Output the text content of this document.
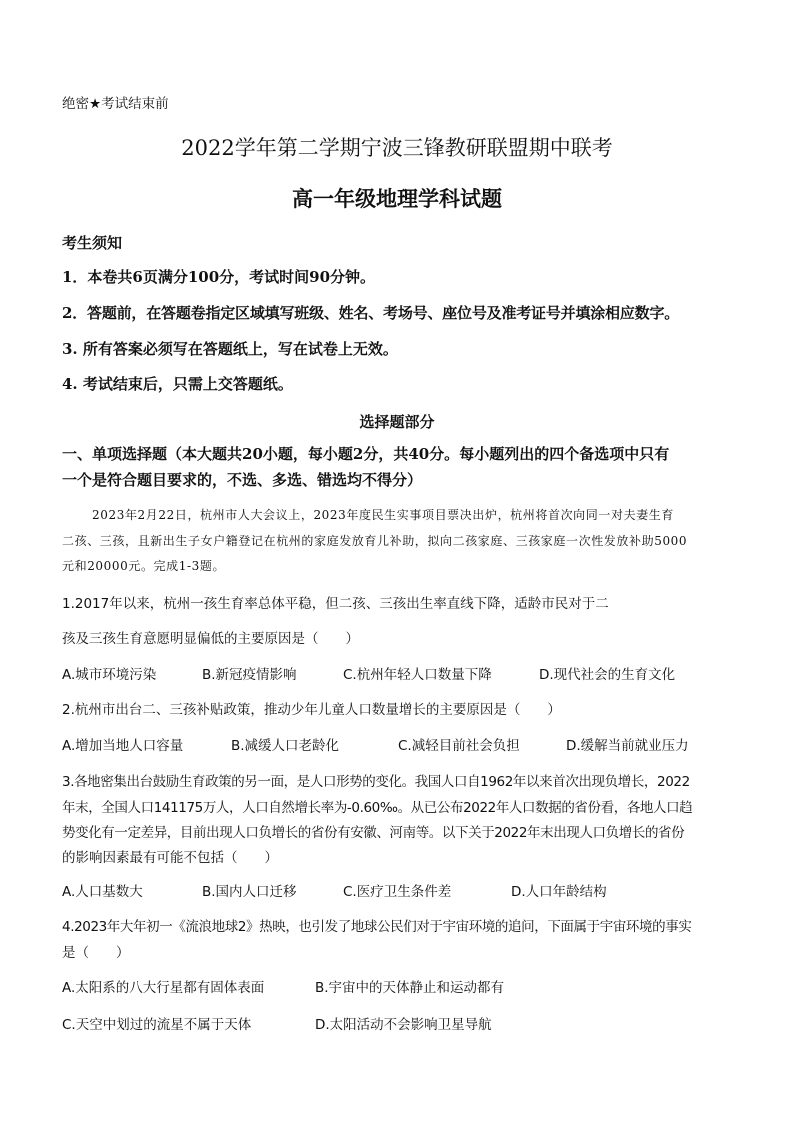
绝密★考试结束前
2022学年第二学期宁波三锋教研联盟期中联考
高一年级地理学科试题
考生须知
1．本卷共6页满分100分，考试时间90分钟。
2．答题前，在答题卷指定区域填写班级、姓名、考场号、座位号及准考证号并填涂相应数字。
3. 所有答案必须写在答题纸上，写在试卷上无效。
4. 考试结束后，只需上交答题纸。
选择题部分
一、单项选择题（本大题共20小题，每小题2分，共40分。每小题列出的四个备选项中只有
一个是符合题目要求的，不选、多选、错选均不得分）
2023年2月22日，杭州市人大会议上，2023年度民生实事项目票决出炉，杭州将首次向同一对夫妻生育
二孩、三孩，且新出生子女户籍登记在杭州的家庭发放育儿补助，拟向二孩家庭、三孩家庭一次性发放补助5000
元和20000元。完成1-3题。
1.2017年以来，杭州一孩生育率总体平稳，但二孩、三孩出生率直线下降，适龄市民对于二
孩及三孩生育意愿明显偏低的主要原因是（　　）
A.城市环境污染	B.新冠疫情影响	C.杭州年轻人口数量下降	D.现代社会的生育文化
2.杭州市出台二、三孩补贴政策，推动少年儿童人口数量增长的主要原因是（　　）
A.增加当地人口容量	B.减缓人口老龄化	C.减轻目前社会负担	D.缓解当前就业压力
3.各地密集出台鼓励生育政策的另一面，是人口形势的变化。我国人口自1962年以来首次出现负增长，2022
年末，全国人口141175万人，人口自然增长率为-0.60‰。从已公布2022年人口数据的省份看，各地人口趋
势变化有一定差异，目前出现人口负增长的省份有安徽、河南等。以下关于2022年末出现人口负增长的省份
的影响因素最有可能不包括（　　）
A.人口基数大	B.国内人口迁移	C.医疗卫生条件差	D.人口年龄结构
4.2023年大年初一《流浪地球2》热映，也引发了地球公民们对于宇宙环境的追问，下面属于宇宙环境的事实
是（　　）
A.太阳系的八大行星都有固体表面	B.宇宙中的天体静止和运动都有
C.天空中划过的流星不属于天体	D.太阳活动不会影响卫星导航
